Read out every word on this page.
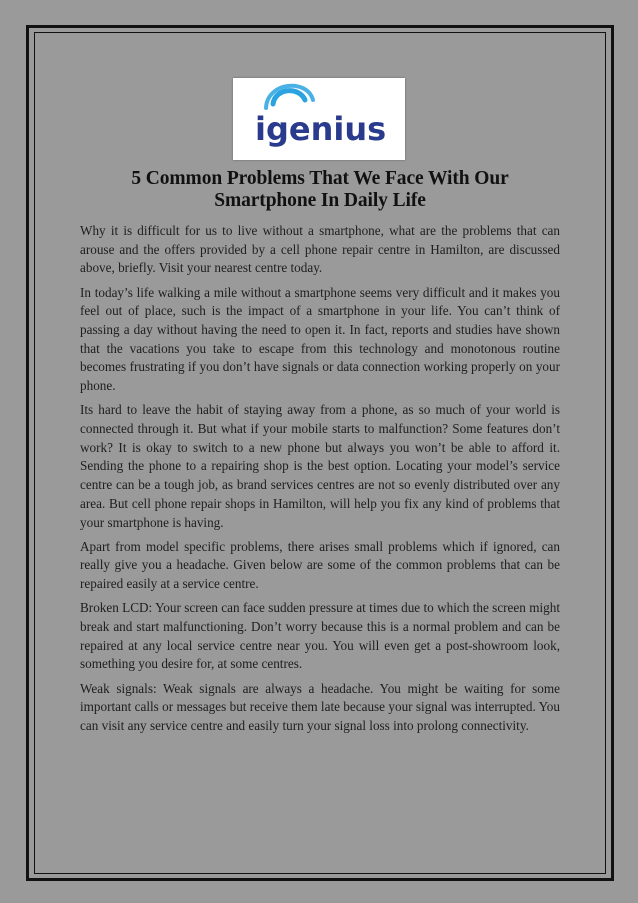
igenius
5 Common Problems That We Face With Our Smartphone In Daily Life

Why it is difficult for us to live without a smartphone, what are the problems that can arouse and the offers provided by a cell phone repair centre in Hamilton, are discussed above, briefly. Visit your nearest centre today.

In today’s life walking a mile without a smartphone seems very difficult and it makes you feel out of place, such is the impact of a smartphone in your life. You can’t think of passing a day without having the need to open it. In fact, reports and studies have shown that the vacations you take to escape from this technology and monotonous routine becomes frustrating if you don’t have signals or data connection working properly on your phone.

Its hard to leave the habit of staying away from a phone, as so much of your world is connected through it. But what if your mobile starts to malfunction? Some features don’t work? It is okay to switch to a new phone but always you won’t be able to afford it. Sending the phone to a repairing shop is the best option. Locating your model’s service centre can be a tough job, as brand services centres are not so evenly distributed over any area. But cell phone repair shops in Hamilton, will help you fix any kind of problems that your smartphone is having.

Apart from model specific problems, there arises small problems which if ignored, can really give you a headache. Given below are some of the common problems that can be repaired easily at a service centre.

Broken LCD: Your screen can face sudden pressure at times due to which the screen might break and start malfunctioning. Don’t worry because this is a normal problem and can be repaired at any local service centre near you. You will even get a post-showroom look, something you desire for, at some centres.

Weak signals: Weak signals are always a headache. You might be waiting for some important calls or messages but receive them late because your signal was interrupted. You can visit any service centre and easily turn your signal loss into prolong connectivity.
